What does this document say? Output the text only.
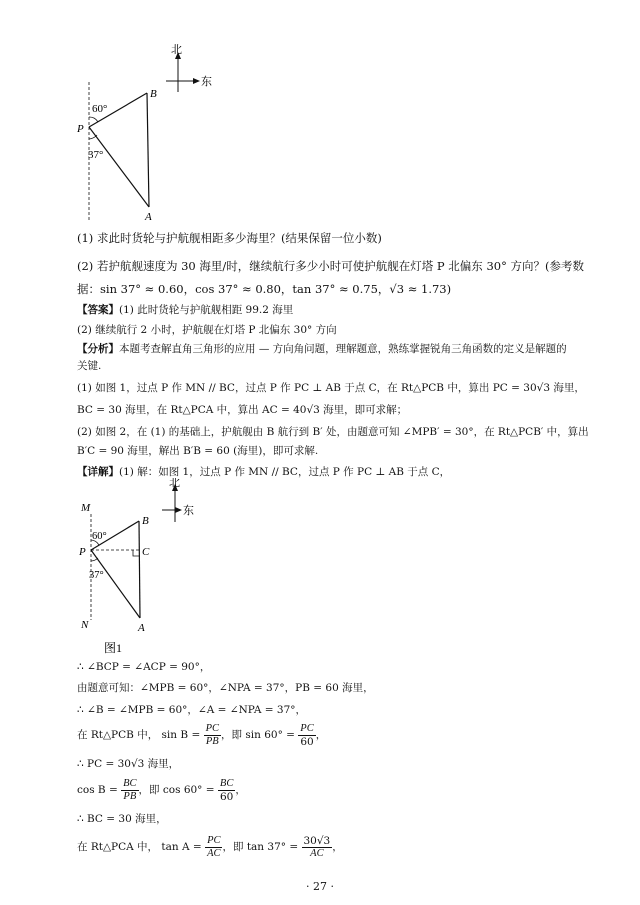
北
东
60°
37°
P
B
A
(1) 求此时货轮与护航舰相距多少海里？(结果保留一位小数)
(2) 若护航舰速度为 30 海里/时，继续航行多少小时可使护航舰在灯塔 P 北偏东 30° 方向？(参考数
据：sin 37° ≈ 0.60，cos 37° ≈ 0.80，tan 37° ≈ 0.75，√3 ≈ 1.73)
【答案】(1) 此时货轮与护航舰相距 99.2 海里
(2) 继续航行 2 小时，护航舰在灯塔 P 北偏东 30° 方向
【分析】本题考查解直角三角形的应用 — 方向角问题，理解题意，熟练掌握锐角三角函数的定义是解题的
关键.
(1) 如图 1，过点 P 作 MN // BC，过点 P 作 PC ⊥ AB 于点 C，在 Rt△PCB 中，算出 PC = 30√3 海里，
BC = 30 海里，在 Rt△PCA 中，算出 AC = 40√3 海里，即可求解；
(2) 如图 2，在 (1) 的基础上，护航舰由 B 航行到 B′ 处，由题意可知 ∠MPB′ = 30°，在 Rt△PCB′ 中，算出
B′C = 90 海里，解出 B′B = 60 (海里)，即可求解.
【详解】(1) 解：如图 1，过点 P 作 MN // BC，过点 P 作 PC ⊥ AB 于点 C，
北
东
M
N
P
B
C
A
60°
37°
图1
∴ ∠BCP = ∠ACP = 90°，
由题意可知：∠MPB = 60°，∠NPA = 37°，PB = 60 海里，
∴ ∠B = ∠MPB = 60°，∠A = ∠NPA = 37°，
在 Rt△PCB 中， $\sin B = \frac{PC}{PB}$ ，即 $\sin 60^\circ = \frac{PC}{60}$ ，
∴ PC = 30√3 海里，
$\cos B = \frac{BC}{PB}$ ，即 $\cos 60^\circ = \frac{BC}{60}$ ，
∴ BC = 30 海里，
在 Rt△PCA 中， $\tan A = \frac{PC}{AC}$ ，即 $\tan 37^\circ = \frac{30√3}{AC}$ ，
· 27 ·
